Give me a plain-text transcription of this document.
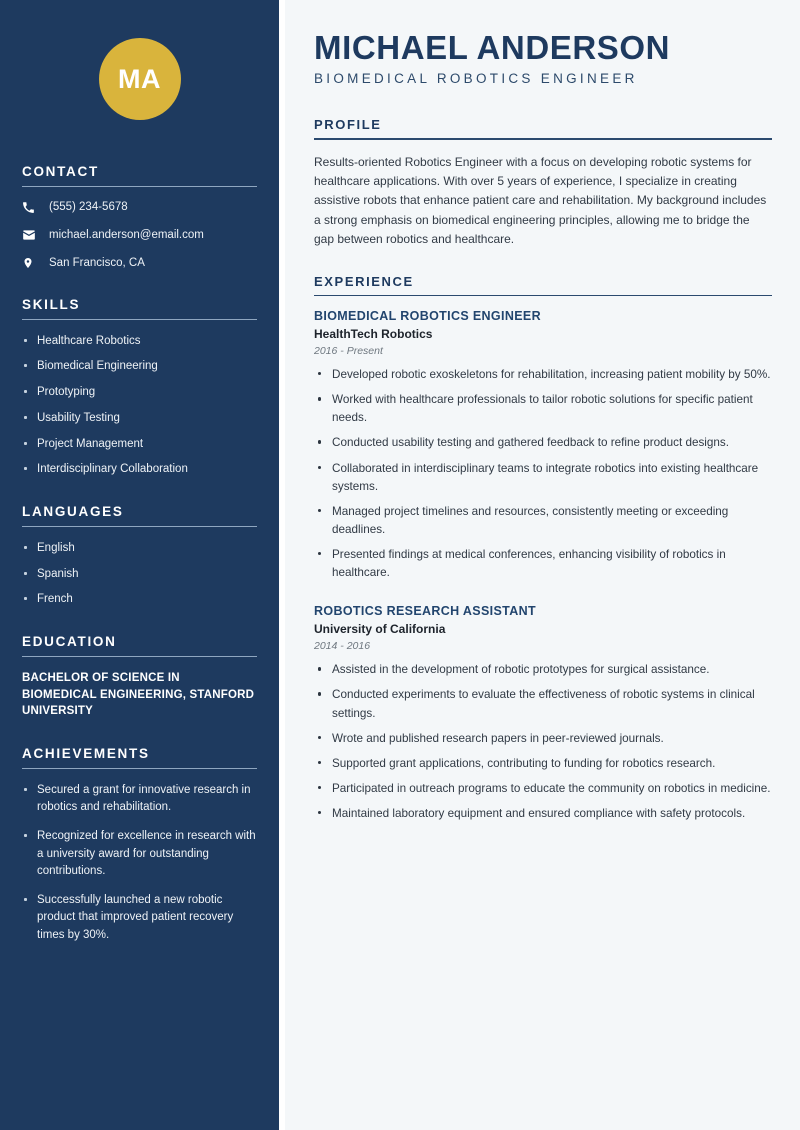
MA
CONTACT
(555) 234-5678
michael.anderson@email.com
San Francisco, CA
SKILLS
Healthcare Robotics
Biomedical Engineering
Prototyping
Usability Testing
Project Management
Interdisciplinary Collaboration
LANGUAGES
English
Spanish
French
EDUCATION
BACHELOR OF SCIENCE IN BIOMEDICAL ENGINEERING, STANFORD UNIVERSITY
ACHIEVEMENTS
Secured a grant for innovative research in robotics and rehabilitation.
Recognized for excellence in research with a university award for outstanding contributions.
Successfully launched a new robotic product that improved patient recovery times by 30%.
MICHAEL ANDERSON
BIOMEDICAL ROBOTICS ENGINEER
PROFILE

Results-oriented Robotics Engineer with a focus on developing robotic systems for healthcare applications. With over 5 years of experience, I specialize in creating assistive robots that enhance patient care and rehabilitation. My background includes a strong emphasis on biomedical engineering principles, allowing me to bridge the gap between robotics and healthcare.

EXPERIENCE
BIOMEDICAL ROBOTICS ENGINEER
HealthTech Robotics
2016 - Present
Developed robotic exoskeletons for rehabilitation, increasing patient mobility by 50%.
Worked with healthcare professionals to tailor robotic solutions for specific patient needs.
Conducted usability testing and gathered feedback to refine product designs.
Collaborated in interdisciplinary teams to integrate robotics into existing healthcare systems.
Managed project timelines and resources, consistently meeting or exceeding deadlines.
Presented findings at medical conferences, enhancing visibility of robotics in healthcare.
ROBOTICS RESEARCH ASSISTANT
University of California
2014 - 2016
Assisted in the development of robotic prototypes for surgical assistance.
Conducted experiments to evaluate the effectiveness of robotic systems in clinical settings.
Wrote and published research papers in peer-reviewed journals.
Supported grant applications, contributing to funding for robotics research.
Participated in outreach programs to educate the community on robotics in medicine.
Maintained laboratory equipment and ensured compliance with safety protocols.
